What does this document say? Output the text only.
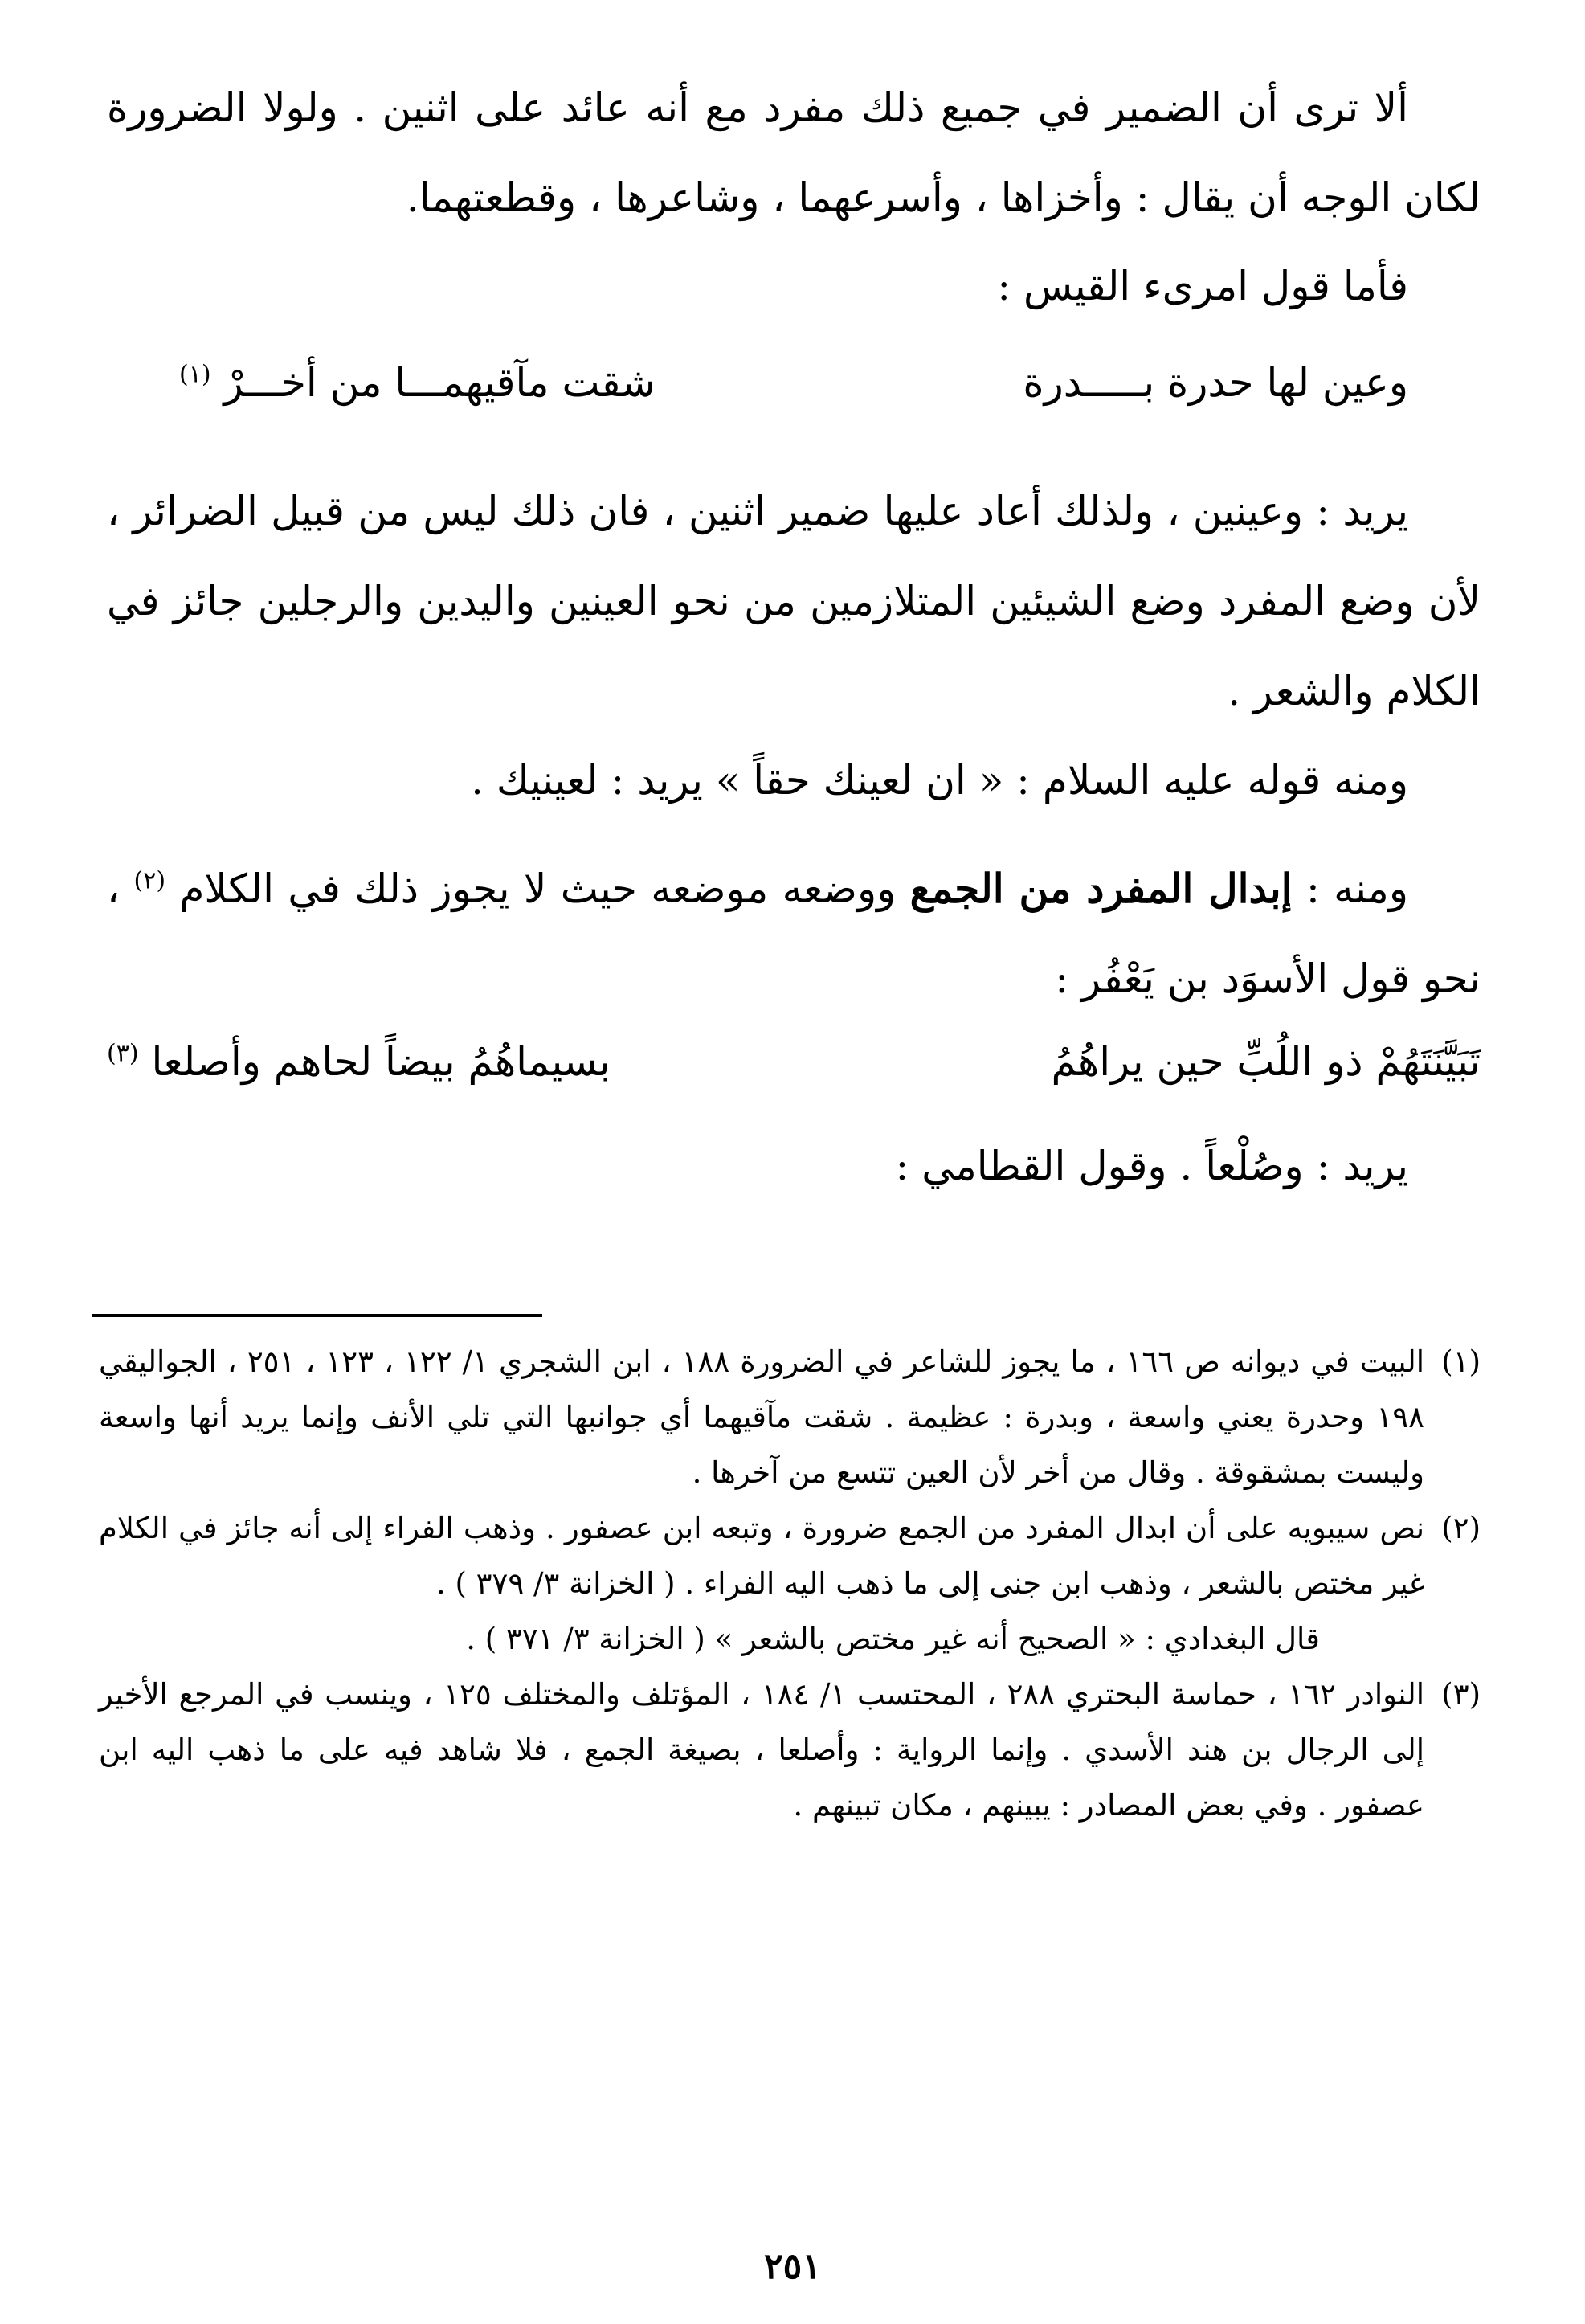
ألا ترى أن الضمير في جميع ذلك مفرد مع أنه عائد على اثنين . ولولا الضرورة لكان الوجه أن يقال : وأخزاها ، وأسرعهما ، وشاعرها ، وقطعتهما.

فأما قول امرىء القيس :

وعين لها حدرة بـــــدرة
شقت مآقيهمـــا من أخـــرْ $^{(١)}$

يريد : وعينين ، ولذلك أعاد عليها ضمير اثنين ، فان ذلك ليس من قبيل الضرائر ، لأن وضع المفرد وضع الشيئين المتلازمين من نحو العينين واليدين والرجلين جائز في الكلام والشعر .

ومنه قوله عليه السلام : « ان لعينك حقاً » يريد : لعينيك .

ومنه : إبدال المفرد من الجمع ووضعه موضعه حيث لا يجوز ذلك في الكلام $^{(٢)}$ ، نحو قول الأسوَد بن يَعْفُر :

تَبَيَّنَتَهُمْ ذو اللُبِّ حين يراهُمُ
بسيماهُمُ بيضاً لحاهم وأصلعا $^{(٣)}$

يريد : وصُلْعاً . وقول القطامي :

(١)
البيت في ديوانه ص ١٦٦ ، ما يجوز للشاعر في الضرورة ١٨٨ ، ابن الشجري ١/ ١٢٢ ، ١٢٣ ، ٢٥١ ، الجواليقي ١٩٨ وحدرة يعني واسعة ، وبدرة : عظيمة . شقت مآقيهما أي جوانبها التي تلي الأنف وإنما يريد أنها واسعة وليست بمشقوقة . وقال من أخر لأن العين تتسع من آخرها .

(٢)
نص سيبويه على أن ابدال المفرد من الجمع ضرورة ، وتبعه ابن عصفور . وذهب الفراء إلى أنه جائز في الكلام غير مختص بالشعر ، وذهب ابن جنى إلى ما ذهب اليه الفراء . ( الخزانة ٣/ ٣٧٩ ) .

قال البغدادي : « الصحيح أنه غير مختص بالشعر » ( الخزانة ٣/ ٣٧١ ) .

(٣)
النوادر ١٦٢ ، حماسة البحتري ٢٨٨ ، المحتسب ١/ ١٨٤ ، المؤتلف والمختلف ١٢٥ ، وينسب في المرجع الأخير إلى الرجال بن هند الأسدي . وإنما الرواية : وأصلعا ، بصيغة الجمع ، فلا شاهد فيه على ما ذهب اليه ابن عصفور . وفي بعض المصادر : يبينهم ، مكان تبينهم .

٢٥١
